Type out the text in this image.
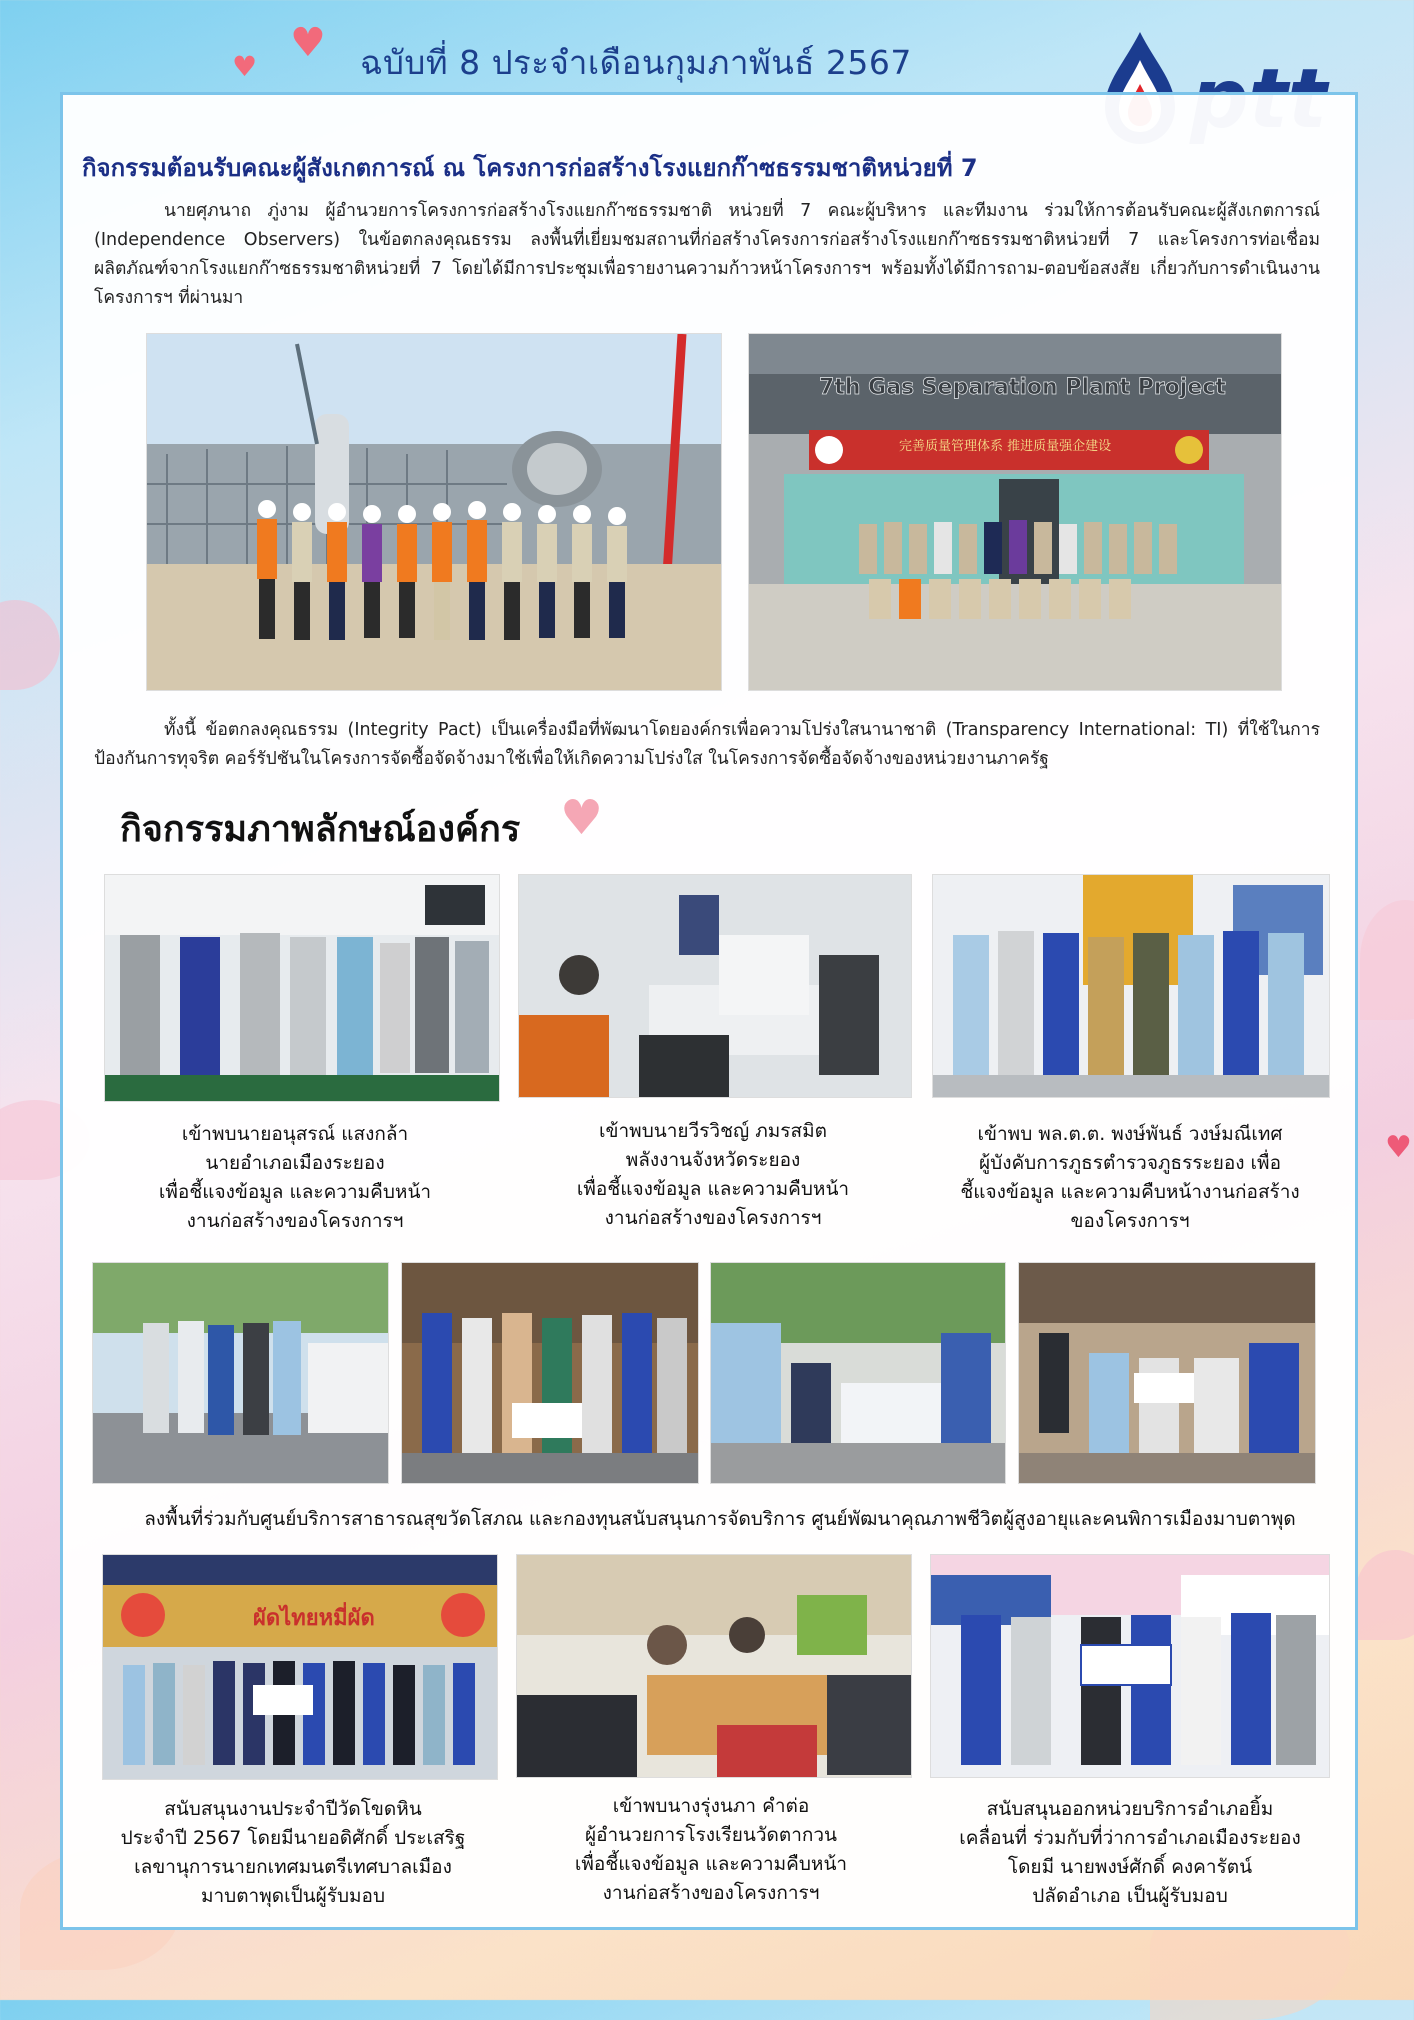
♥
♥
♥
ฉบับที่ 8 ประจำเดือนกุมภาพันธ์ 2567
กิจกรรมต้อนรับคณะผู้สังเกตการณ์ ณ โครงการก่อสร้างโรงแยกก๊าซธรรมชาติหน่วยที่ 7
นายศุภนาถ ภู่งาม ผู้อำนวยการโครงการก่อสร้างโรงแยกก๊าซธรรมชาติ หน่วยที่ 7 คณะผู้บริหาร และทีมงาน ร่วมให้การต้อนรับคณะผู้สังเกตการณ์ (Independence Observers) ในข้อตกลงคุณธรรม ลงพื้นที่เยี่ยมชมสถานที่ก่อสร้างโครงการก่อสร้างโรงแยกก๊าซธรรมชาติหน่วยที่ 7 และโครงการท่อเชื่อมผลิตภัณฑ์จากโรงแยกก๊าซธรรมชาติหน่วยที่ 7 โดยได้มีการประชุมเพื่อรายงานความก้าวหน้าโครงการฯ พร้อมทั้งได้มีการถาม-ตอบข้อสงสัย เกี่ยวกับการดำเนินงานโครงการฯ ที่ผ่านมา
7th Gas Separation Plant Project
完善质量管理体系 推进质量强企建设
ทั้งนี้ ข้อตกลงคุณธรรม (Integrity Pact) เป็นเครื่องมือที่พัฒนาโดยองค์กรเพื่อความโปร่งใสนานาชาติ (Transparency International: TI) ที่ใช้ในการป้องกันการทุจริต คอร์รัปชันในโครงการจัดซื้อจัดจ้างมาใช้เพื่อให้เกิดความโปร่งใส ในโครงการจัดซื้อจัดจ้างของหน่วยงานภาครัฐ
กิจกรรมภาพลักษณ์องค์กร ♥
เข้าพบนายอนุสรณ์ แสงกล้า
นายอำเภอเมืองระยอง
เพื่อชี้แจงข้อมูล และความคืบหน้า
งานก่อสร้างของโครงการฯ
เข้าพบนายวีรวิชญ์ ภมรสมิต
พลังงานจังหวัดระยอง
เพื่อชี้แจงข้อมูล และความคืบหน้า
งานก่อสร้างของโครงการฯ
เข้าพบ พล.ต.ต. พงษ์พันธ์ วงษ์มณีเทศ
ผู้บังคับการภูธรตำรวจภูธรระยอง เพื่อ
ชี้แจงข้อมูล และความคืบหน้างานก่อสร้าง
ของโครงการฯ
ลงพื้นที่ร่วมกับศูนย์บริการสาธารณสุขวัดโสภณ และกองทุนสนับสนุนการจัดบริการ ศูนย์พัฒนาคุณภาพชีวิตผู้สูงอายุและคนพิการเมืองมาบตาพุด
ผัดไทยหมี่ผัด
สนับสนุนงานประจำปีวัดโขดหิน
ประจำปี 2567 โดยมีนายอดิศักดิ์ ประเสริฐ
เลขานุการนายกเทศมนตรีเทศบาลเมือง
มาบตาพุดเป็นผู้รับมอบ
เข้าพบนางรุ่งนภา คำต่อ
ผู้อำนวยการโรงเรียนวัดตากวน
เพื่อชี้แจงข้อมูล และความคืบหน้า
งานก่อสร้างของโครงการฯ
สนับสนุนออกหน่วยบริการอำเภอยิ้ม
เคลื่อนที่ ร่วมกับที่ว่าการอำเภอเมืองระยอง
โดยมี นายพงษ์ศักดิ์ คงคารัตน์
ปลัดอำเภอ เป็นผู้รับมอบ
